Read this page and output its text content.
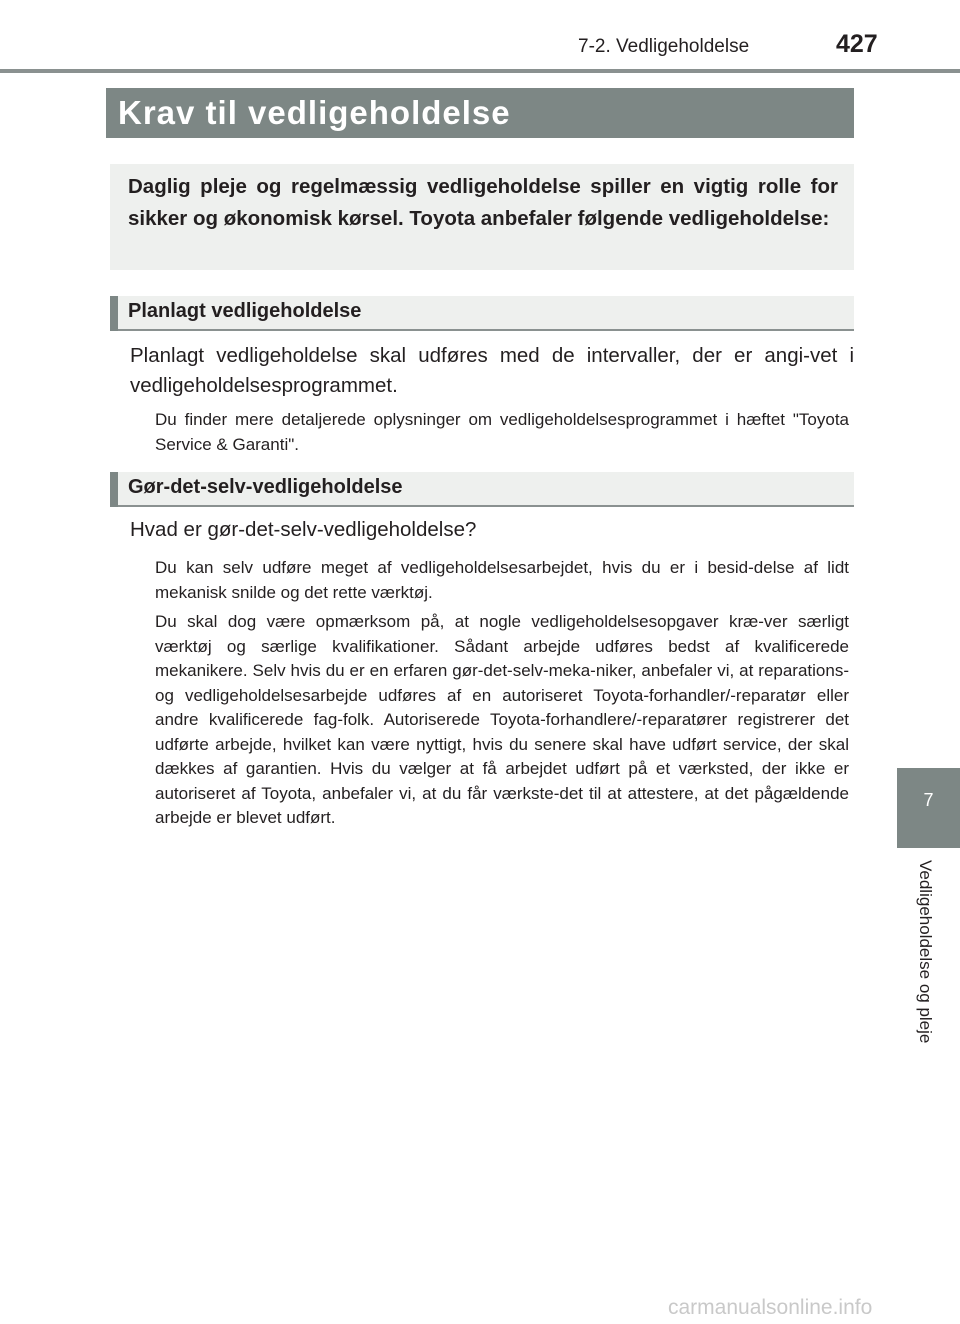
7-2. Vedligeholdelse	427
Krav til vedligeholdelse
Daglig pleje og regelmæssig vedligeholdelse spiller en vigtig rolle for sikker og økonomisk kørsel. Toyota anbefaler følgende vedligeholdelse:
Planlagt vedligeholdelse
Planlagt vedligeholdelse skal udføres med de intervaller, der er angi-vet i vedligeholdelsesprogrammet.
Du finder mere detaljerede oplysninger om vedligeholdelsesprogrammet i hæftet "Toyota Service & Garanti".
Gør-det-selv-vedligeholdelse
Hvad er gør-det-selv-vedligeholdelse?
Du kan selv udføre meget af vedligeholdelsesarbejdet, hvis du er i besid-delse af lidt mekanisk snilde og det rette værktøj.
Du skal dog være opmærksom på, at nogle vedligeholdelsesopgaver kræ-ver særligt værktøj og særlige kvalifikationer. Sådant arbejde udføres bedst af kvalificerede mekanikere. Selv hvis du er en erfaren gør-det-selv-meka-niker, anbefaler vi, at reparations- og vedligeholdelsesarbejde udføres af en autoriseret Toyota-forhandler/-reparatør eller andre kvalificerede fag-folk. Autoriserede Toyota-forhandlere/-reparatører registrerer det udførte arbejde, hvilket kan være nyttigt, hvis du senere skal have udført service, der skal dækkes af garantien. Hvis du vælger at få arbejdet udført på et værksted, der ikke er autoriseret af Toyota, anbefaler vi, at du får værkste-det til at attestere, at det pågældende arbejde er blevet udført.
7
Vedligeholdelse og pleje
carmanualsonline.info
